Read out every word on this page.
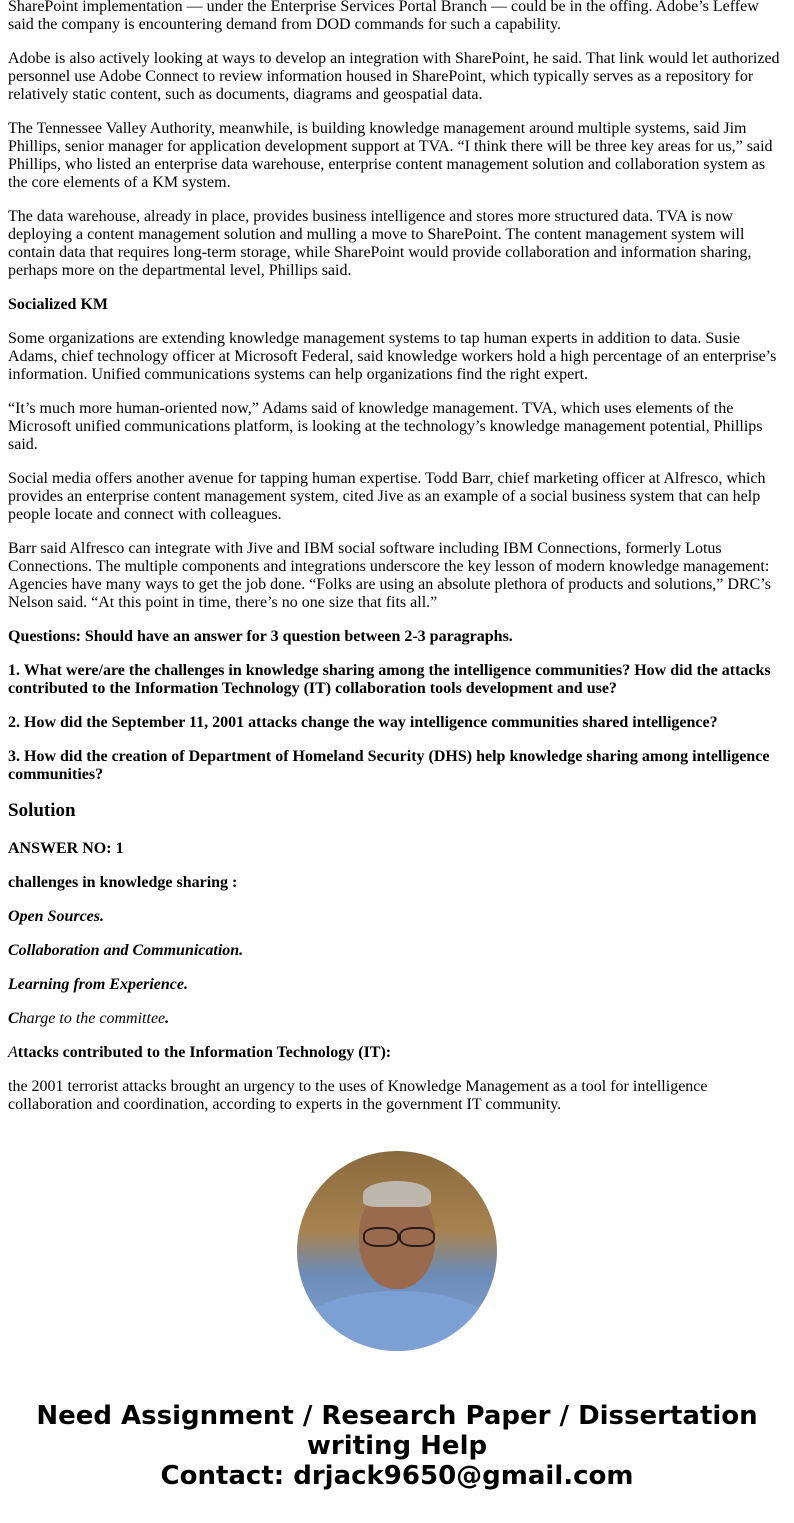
SharePoint implementation — under the Enterprise Services Portal Branch — could be in the offing. Adobe’s Leffew said the company is encountering demand from DOD commands for such a capability.

Adobe is also actively looking at ways to develop an integration with SharePoint, he said. That link would let authorized personnel use Adobe Connect to review information housed in SharePoint, which typically serves as a repository for relatively static content, such as documents, diagrams and geospatial data.

The Tennessee Valley Authority, meanwhile, is building knowledge management around multiple systems, said Jim Phillips, senior manager for application development support at TVA. “I think there will be three key areas for us,” said Phillips, who listed an enterprise data warehouse, enterprise content management solution and collaboration system as the core elements of a KM system.

The data warehouse, already in place, provides business intelligence and stores more structured data. TVA is now deploying a content management solution and mulling a move to SharePoint. The content management system will contain data that requires long-term storage, while SharePoint would provide collaboration and information sharing, perhaps more on the departmental level, Phillips said.

Socialized KM

Some organizations are extending knowledge management systems to tap human experts in addition to data. Susie Adams, chief technology officer at Microsoft Federal, said knowledge workers hold a high percentage of an enterprise’s information. Unified communications systems can help organizations find the right expert.

“It’s much more human-oriented now,” Adams said of knowledge management. TVA, which uses elements of the Microsoft unified communications platform, is looking at the technology’s knowledge management potential, Phillips said.

Social media offers another avenue for tapping human expertise. Todd Barr, chief marketing officer at Alfresco, which provides an enterprise content management system, cited Jive as an example of a social business system that can help people locate and connect with colleagues.

Barr said Alfresco can integrate with Jive and IBM social software including IBM Connections, formerly Lotus Connections. The multiple components and integrations underscore the key lesson of modern knowledge management: Agencies have many ways to get the job done. “Folks are using an absolute plethora of products and solutions,” DRC’s Nelson said. “At this point in time, there’s no one size that fits all.”

Questions: Should have an answer for 3 question between 2-3 paragraphs.

1. What were/are the challenges in knowledge sharing among the intelligence communities? How did the attacks contributed to the Information Technology (IT) collaboration tools development and use?

2. How did the September 11, 2001 attacks change the way intelligence communities shared intelligence?

3. How did the creation of Department of Homeland Security (DHS) help knowledge sharing among intelligence communities?

Solution

ANSWER NO: 1

challenges in knowledge sharing :

Open Sources.

Collaboration and Communication.

Learning from Experience.

Charge to the committee.

Attacks contributed to the Information Technology (IT):

the 2001 terrorist attacks brought an urgency to the uses of Knowledge Management as a tool for intelligence collaboration and coordination, according to experts in the government IT community.

Need Assignment / Research Paper / Dissertation writing Help
Contact: drjack9650@gmail.com
